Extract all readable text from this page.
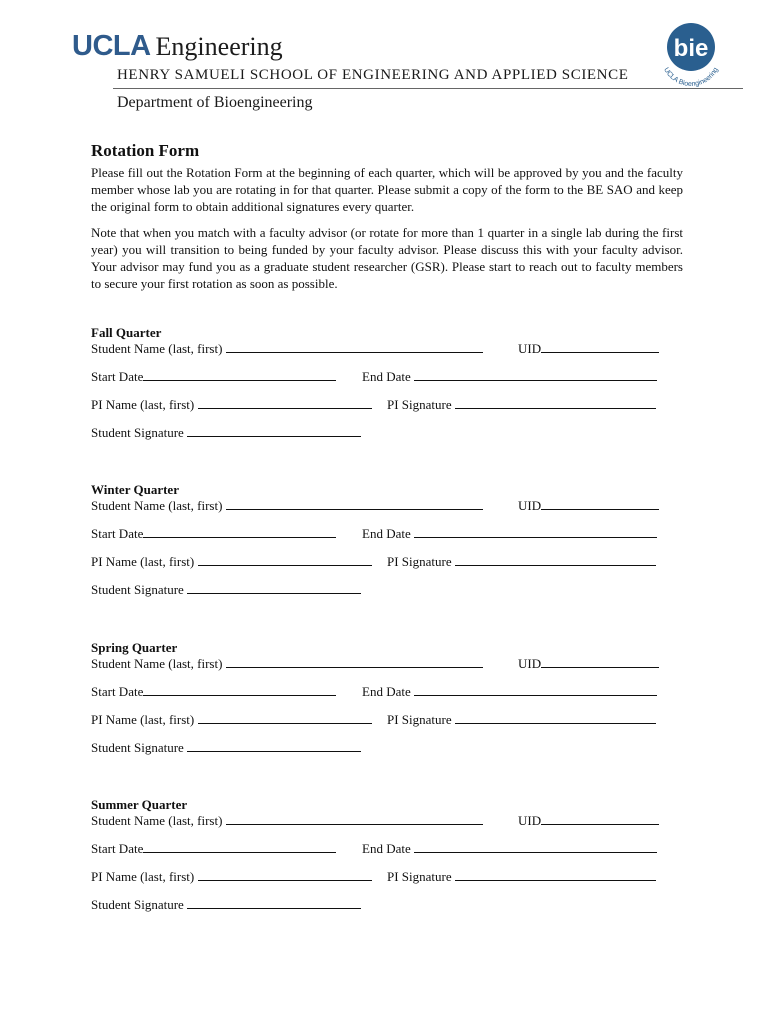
UCLA Engineering
HENRY SAMUELI SCHOOL OF ENGINEERING AND APPLIED SCIENCE
Department of Bioengineering
bie
UCLA Bioengineering
Rotation Form

Please fill out the Rotation Form at the beginning of each quarter, which will be approved by you and the faculty member whose lab you are rotating in for that quarter. Please submit a copy of the form to the BE SAO and keep the original form to obtain additional signatures every quarter.

Note that when you match with a faculty advisor (or rotate for more than 1 quarter in a single lab during the first year) you will transition to being funded by your faculty advisor. Please discuss this with your faculty advisor. Your advisor may fund you as a graduate student researcher (GSR). Please start to reach out to faculty members to secure your first rotation as soon as possible.

Fall Quarter
Student Name (last, first)	UID
Start Date	End Date
PI Name (last, first)	PI Signature
Student Signature
Winter Quarter
Student Name (last, first)	UID
Start Date	End Date
PI Name (last, first)	PI Signature
Student Signature
Spring Quarter
Student Name (last, first)	UID
Start Date	End Date
PI Name (last, first)	PI Signature
Student Signature
Summer Quarter
Student Name (last, first)	UID
Start Date	End Date
PI Name (last, first)	PI Signature
Student Signature
